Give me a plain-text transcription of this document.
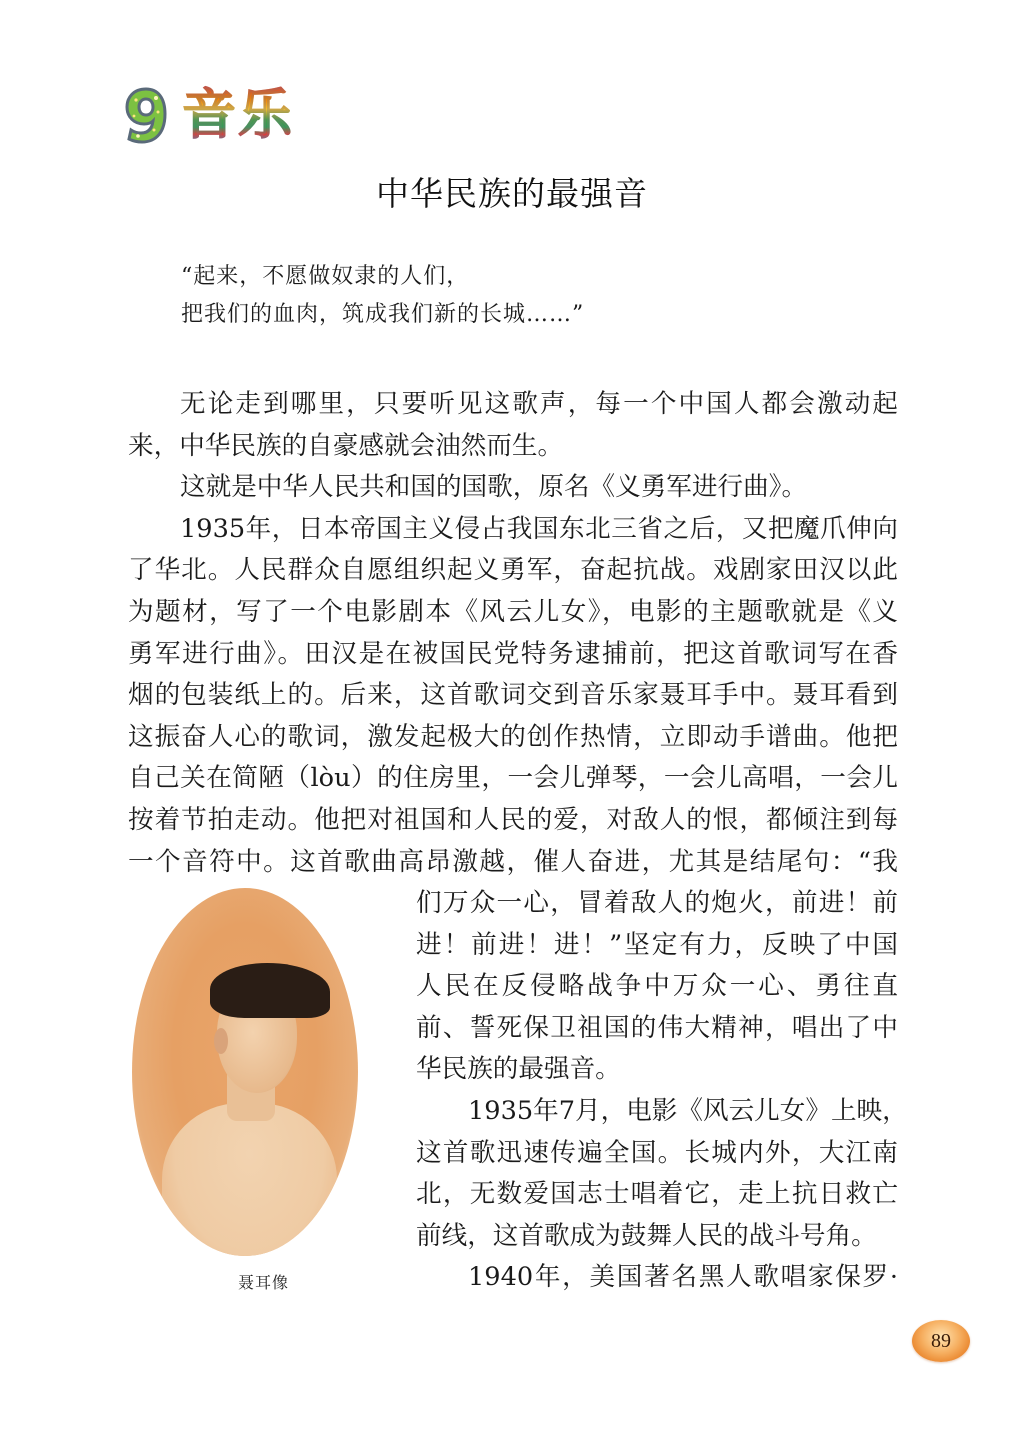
音 乐
中华民族的最强音
“起来，不愿做奴隶的人们，
把我们的血肉，筑成我们新的长城……”
无论走到哪里，只要听见这歌声，每一个中国人都会激动起
来，中华民族的自豪感就会油然而生。
这就是中华人民共和国的国歌，原名《义勇军进行曲》。
1935年，日本帝国主义侵占我国东北三省之后，又把魔爪伸向
了华北。人民群众自愿组织起义勇军，奋起抗战。戏剧家田汉以此
为题材，写了一个电影剧本《风云儿女》，电影的主题歌就是《义
勇军进行曲》。田汉是在被国民党特务逮捕前，把这首歌词写在香
烟的包装纸上的。后来，这首歌词交到音乐家聂耳手中。聂耳看到
这振奋人心的歌词，激发起极大的创作热情，立即动手谱曲。他把
自己关在简陋（lòu）的住房里，一会儿弹琴，一会儿高唱，一会儿
按着节拍走动。他把对祖国和人民的爱，对敌人的恨，都倾注到每
一个音符中。这首歌曲高昂激越，催人奋进，尤其是结尾句：“我
聂耳像
们万众一心，冒着敌人的炮火，前进！前
进！前进！进！”坚定有力，反映了中国
人民在反侵略战争中万众一心、勇往直
前、誓死保卫祖国的伟大精神，唱出了中
华民族的最强音。
1935年7月，电影《风云儿女》上映，
这首歌迅速传遍全国。长城内外，大江南
北，无数爱国志士唱着它，走上抗日救亡
前线，这首歌成为鼓舞人民的战斗号角。
1940年，美国著名黑人歌唱家保罗·
89
